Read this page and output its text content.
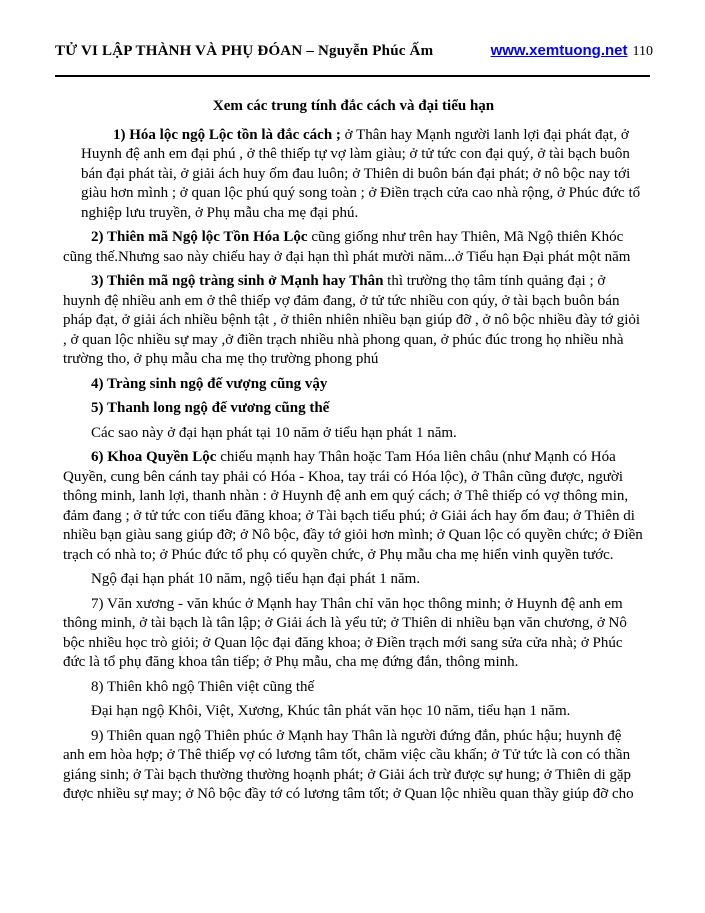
TỬ VI LẬP THÀNH VÀ PHỤ ĐÓAN – Nguyễn Phúc Ấm	www.xemtuong.net 110
Xem các trung tính đắc cách và đại tiểu hạn

1) Hóa lộc ngộ Lộc tồn là đắc cách ; ở Thân hay Mạnh người lanh lợi đại phát đạt, ở Huynh đệ anh em đại phú , ở thê thiếp tự vợ làm giàu; ở tử tức con đại quý, ở tài bạch buôn bán đại phát tài, ở giải ách huy ốm đau luôn; ở Thiên di buôn bán đại phát; ở nô bộc nay tới giàu hơn mình ; ở quan lộc phú quý song toàn ; ở Điền trạch cửa cao nhà rộng, ở Phúc đức tổ nghiệp lưu truyền, ở Phụ mẫu cha mẹ đại phú.

2) Thiên mã Ngộ lộc Tồn Hóa Lộc cũng giống như trên hay Thiên, Mã Ngộ thiên Khóc cũng thế.Nhưng sao này chiếu hay ở đại hạn thì phát mười năm...ở Tiểu hạn Đại phát một năm

3) Thiên mã ngộ tràng sinh ở Mạnh hay Thân thì trường thọ tâm tính quảng đại ; ở huynh đệ nhiều anh em ở thê thiếp vợ đảm đang, ở tử tức nhiều con qúy, ở tài bạch buôn bán pháp đạt, ở giải ách nhiều bệnh tật , ở thiên nhiên nhiều bạn giúp đỡ , ở nô bộc nhiều đày tớ giỏi , ở quan lộc nhiều sự may ,ở điền trạch nhiều nhà phong quan, ở phúc đúc trong họ nhiều nhà trường tho, ở phụ mẫu cha mẹ thọ trường phong phú

4) Tràng sinh ngộ đế vượng cũng vậy

5) Thanh long ngộ đế vương cũng thế

Các sao này ở đại hạn phát tại 10 năm ở tiểu hạn phát 1 năm.

6) Khoa Quyền Lộc chiếu mạnh hay Thân hoặc Tam Hóa liên châu (như Mạnh có Hóa Quyền, cung bên cánh tay phải có Hóa - Khoa, tay trái có Hóa lộc), ở Thân cũng được, người thông minh, lanh lợi, thanh nhàn : ở Huynh đệ anh em quý cách; ở Thê thiếp có vợ thông min, đảm đang ; ở tử tức con tiểu đăng khoa; ở Tài bạch tiểu phú; ở Giải ách hay ốm đau; ở Thiên di nhiều bạn giàu sang giúp đỡ; ở Nô bộc, đầy tớ giỏi hơn mình; ở Quan lộc có quyền chức; ở Điền trạch có nhà to; ở Phúc đức tổ phụ có quyền chức, ở Phụ mẫu cha mẹ hiển vinh quyền tước.

Ngộ đại hạn phát 10 năm, ngộ tiểu hạn đại phát 1 năm.

7) Văn xương - văn khúc ở Mạnh hay Thân chỉ văn học thông minh; ở Huynh đệ anh em thông minh, ở tài bạch là tân lập; ở Giải ách là yểu tử; ở Thiên di nhiều bạn văn chương, ở Nô bộc nhiều học trò giỏi; ở Quan lộc đại đăng khoa; ở Điền trạch mới sang sửa cửa nhà; ở Phúc đức là tổ phụ đăng khoa tân tiếp; ở Phụ mẫu, cha mẹ đứng đắn, thông minh.

8) Thiên khô ngộ Thiên việt cũng thế

Đại hạn ngộ Khôi, Việt, Xương, Khúc tân phát văn học 10 năm, tiểu hạn 1 năm.

9) Thiên quan ngộ Thiên phúc ở Mạnh hay Thân là người đứng đắn, phúc hậu; huynh đệ anh em hòa hợp; ở Thê thiếp vợ có lương tâm tốt, chăm việc cầu khấn; ở Tử tức là con có thần giáng sinh; ở Tài bạch thường thường hoạnh phát; ở Giải ách trừ được sự hung; ở Thiên di gặp được nhiều sự may; ở Nô bộc đầy tớ có lương tâm tốt; ở Quan lộc nhiều quan thầy giúp đỡ cho
